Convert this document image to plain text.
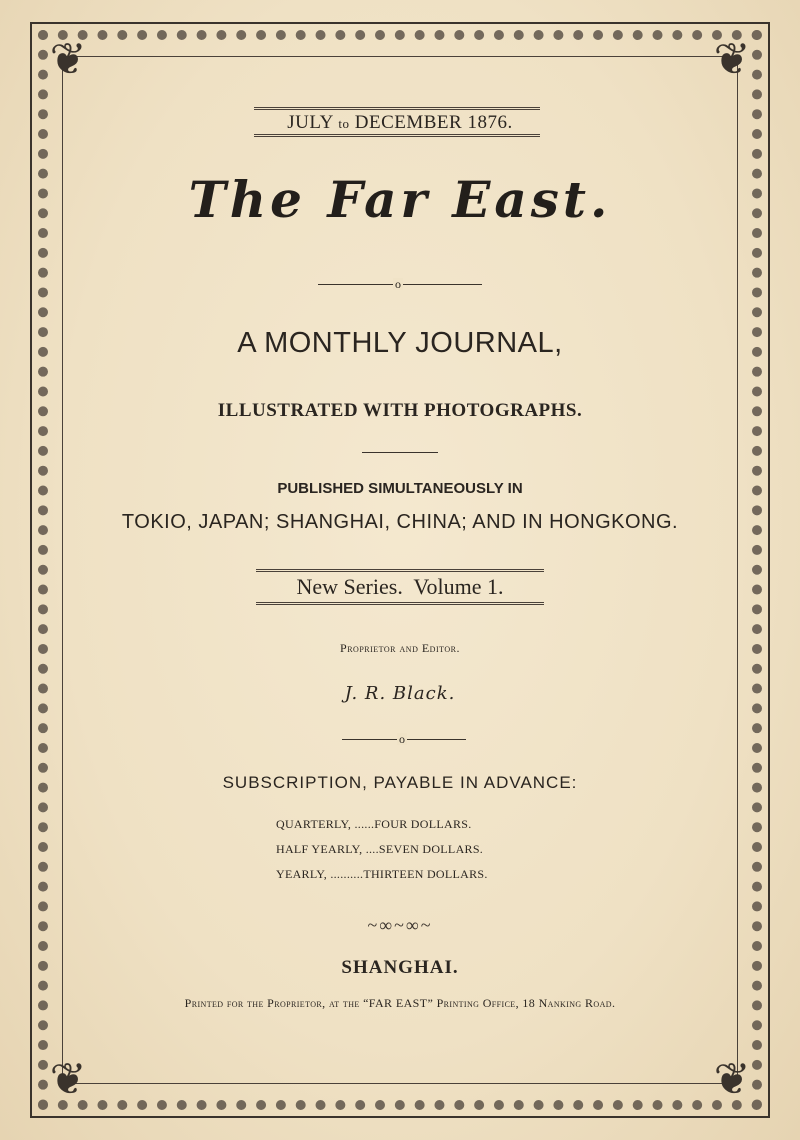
❦	❦
❦	❦
JULY to DECEMBER 1876.
The Far East.
o
A MONTHLY JOURNAL,
ILLUSTRATED WITH PHOTOGRAPHS.
PUBLISHED SIMULTANEOUSLY IN
TOKIO, JAPAN; SHANGHAI, CHINA; AND IN HONGKONG.
New Series.  Volume 1.
Proprietor and Editor.
J. R. Black.
o
SUBSCRIPTION, PAYABLE IN ADVANCE:
QUARTERLY, ......FOUR DOLLARS.
HALF YEARLY, ....SEVEN DOLLARS.
YEARLY, ..........THIRTEEN DOLLARS.
~∞~∞~
SHANGHAI.
Printed for the Proprietor, at the “FAR EAST” Printing Office, 18 Nanking Road.
